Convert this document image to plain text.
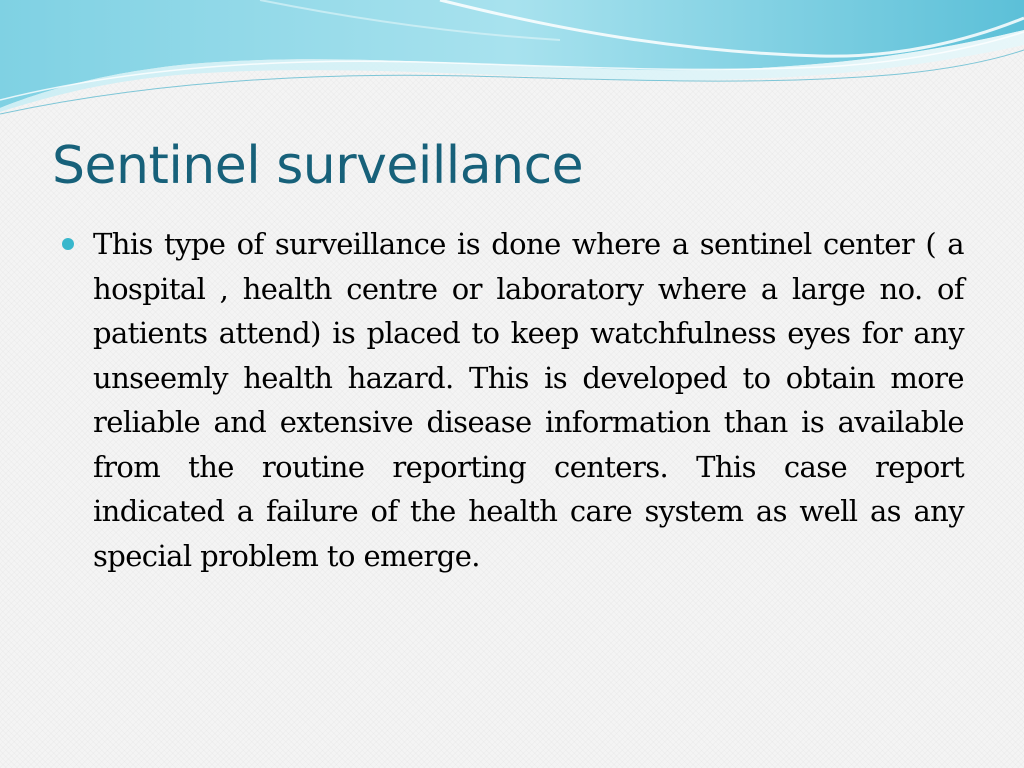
Sentinel surveillance
This type of surveillance is done where a sentinel center ( a hospital , health centre or laboratory where a large no. of patients attend) is placed to keep watchfulness eyes for any unseemly health hazard. This is developed to obtain more reliable and extensive disease information than is available from the routine reporting centers. This case report indicated a failure of the health care system as well as any special problem to emerge.
